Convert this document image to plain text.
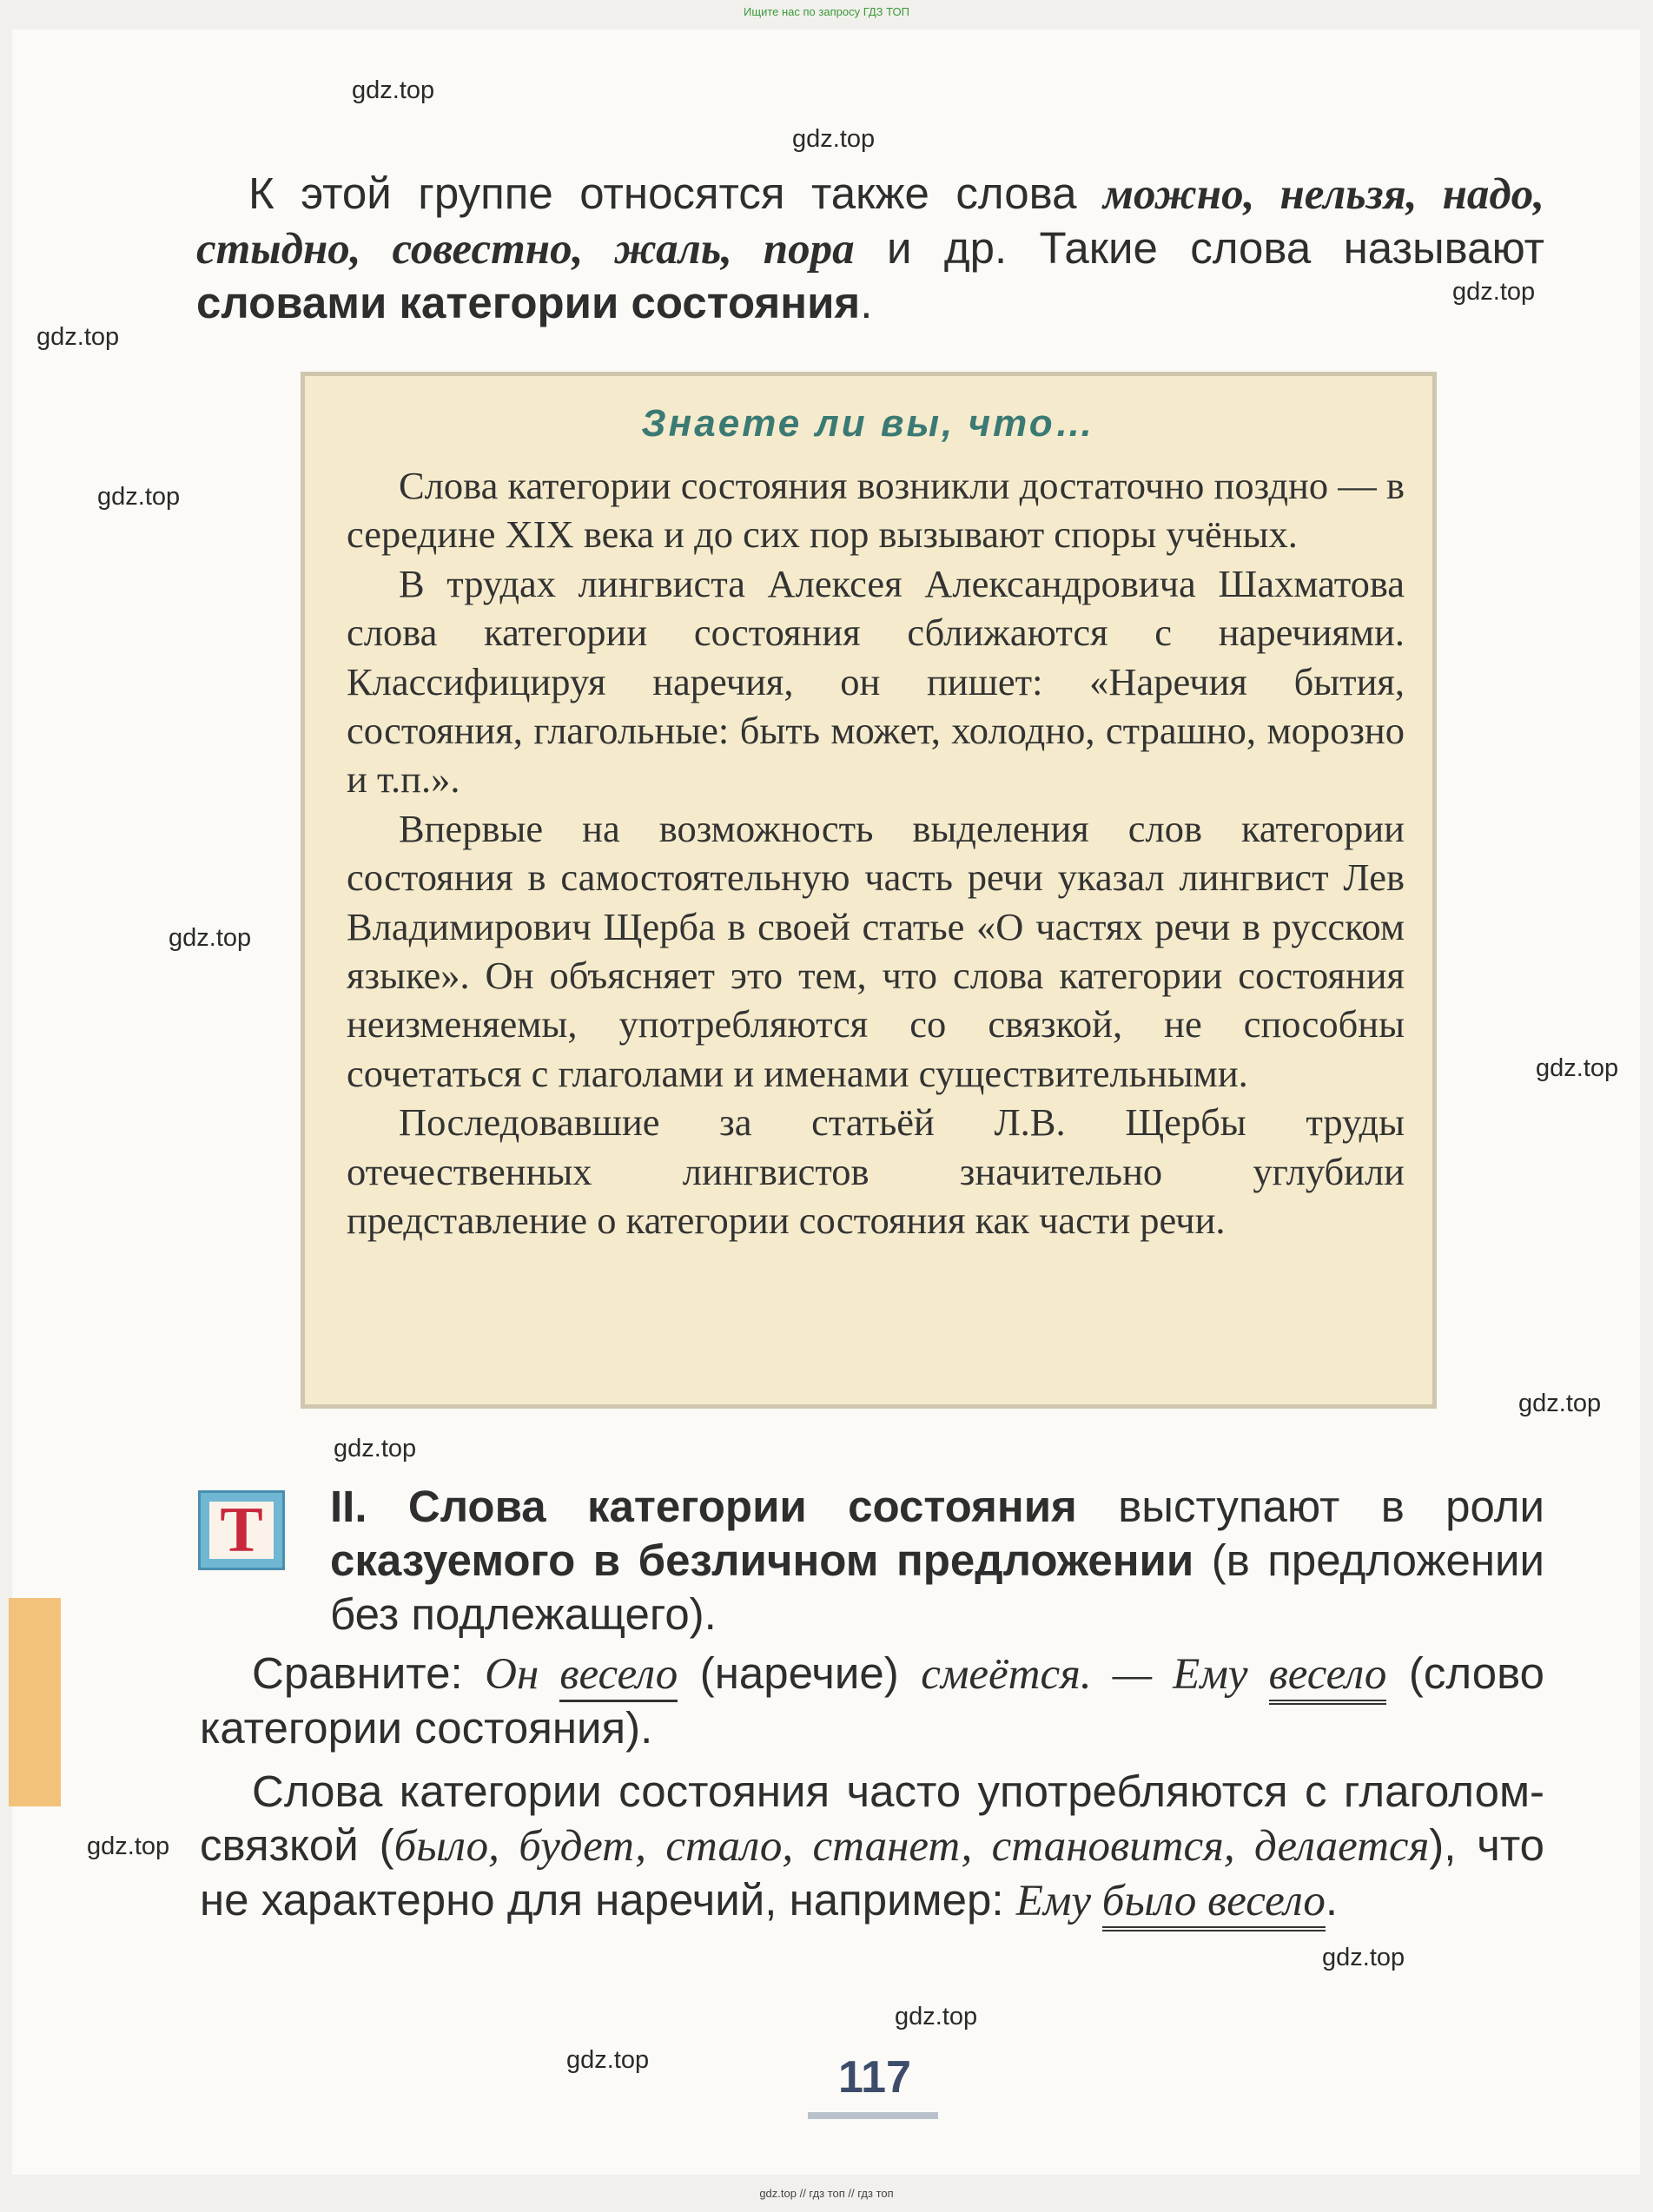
Ищите нас по запросу ГДЗ ТОП
gdz.top
gdz.top
gdz.top
gdz.top
gdz.top
gdz.top
gdz.top
gdz.top
gdz.top
gdz.top
gdz.top
gdz.top
gdz.top

К этой группе относятся также слова можно, нельзя, надо, стыдно, совестно, жаль, пора и др. Такие слова называют словами категории состояния.

Знаете ли вы, что…

Слова категории состояния возникли достаточно поздно — в середине XIX века и до сих пор вызывают споры учёных.

В трудах лингвиста Алексея Александровича Шахматова слова категории состояния сближаются с наречиями. Классифицируя наречия, он пишет: «Наречия бытия, состояния, глагольные: быть может, холодно, страшно, морозно и т.п.».

Впервые на возможность выделения слов категории состояния в самостоятельную часть речи указал лингвист Лев Владимирович Щерба в своей статье «О частях речи в русском языке». Он объясняет это тем, что слова категории состояния неизменяемы, употребляются со связкой, не способны сочетаться с глаголами и именами существительными.

Последовавшие за статьёй Л.В. Щербы труды отечественных лингвистов значительно углубили представление о категории состояния как части речи.

Т II. Слова категории состояния выступают в роли сказуемого в безличном предложении (в предложении без подлежащего).

Сравните: Он весело (наречие) смеётся. — Ему весело (слово категории состояния).

Слова категории состояния часто употребляются с глаголом-связкой (было, будет, стало, станет, становится, делается), что не характерно для наречий, например: Ему было весело.

117
gdz.top // гдз топ // гдз топ
